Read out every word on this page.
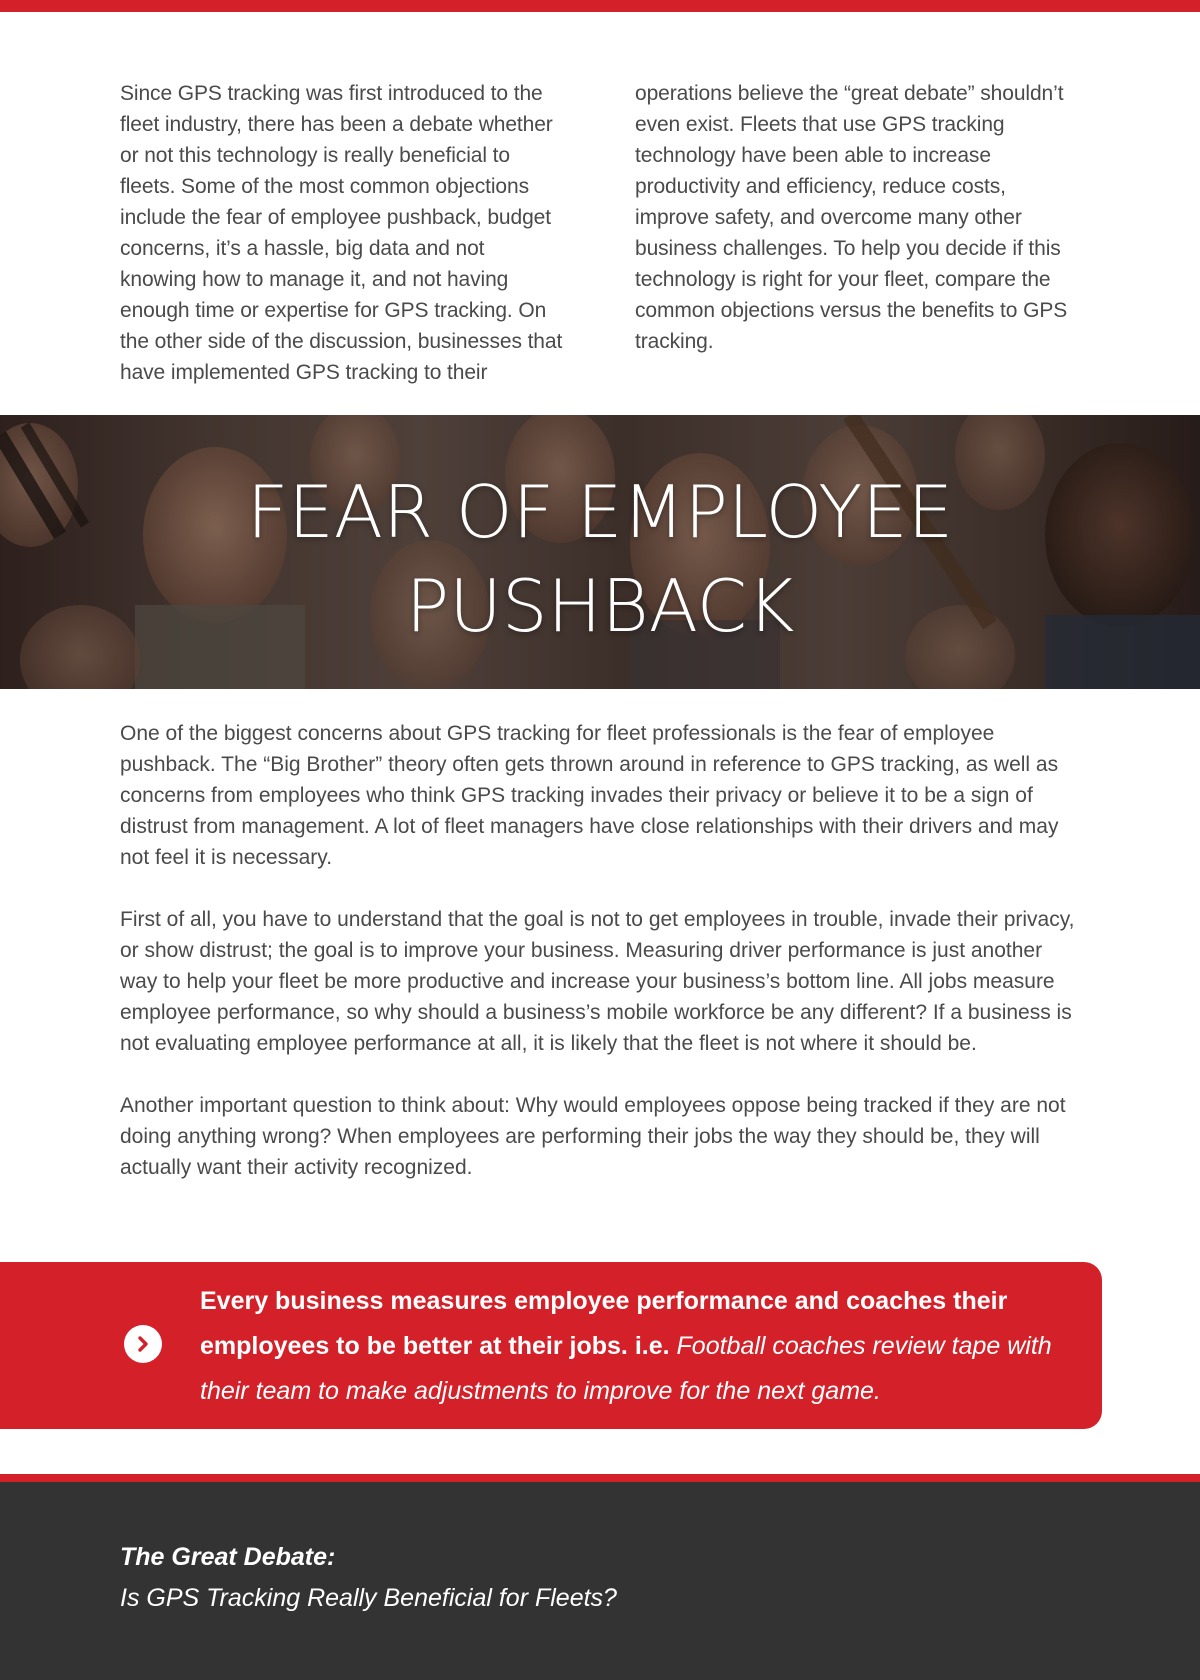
Since GPS tracking was first introduced to the fleet industry, there has been a debate whether or not this technology is really beneficial to fleets. Some of the most common objections include the fear of employee pushback, budget concerns, it’s a hassle, big data and not knowing how to manage it, and not having enough time or expertise for GPS tracking. On the other side of the discussion, businesses that have implemented GPS tracking to their
operations believe the “great debate” shouldn’t even exist. Fleets that use GPS tracking technology have been able to increase productivity and efficiency, reduce costs, improve safety, and overcome many other business challenges. To help you decide if this technology is right for your fleet, compare the common objections versus the benefits to GPS tracking.
FEAR OF EMPLOYEE
PUSHBACK

One of the biggest concerns about GPS tracking for fleet professionals is the fear of employee pushback. The “Big Brother” theory often gets thrown around in reference to GPS tracking, as well as concerns from employees who think GPS tracking invades their privacy or believe it to be a sign of distrust from management. A lot of fleet managers have close relationships with their drivers and may not feel it is necessary.

First of all, you have to understand that the goal is not to get employees in trouble, invade their privacy, or show distrust; the goal is to improve your business. Measuring driver performance is just another way to help your fleet be more productive and increase your business’s bottom line. All jobs measure employee performance, so why should a business’s mobile workforce be any different? If a business is not evaluating employee performance at all, it is likely that the fleet is not where it should be.

Another important question to think about: Why would employees oppose being tracked if they are not doing anything wrong? When employees are performing their jobs the way they should be, they will actually want their activity recognized.

Every business measures employee performance and coaches their employees to be better at their jobs. i.e. Football coaches review tape with their team to make adjustments to improve for the next game.
The Great Debate:
Is GPS Tracking Really Beneficial for Fleets?
